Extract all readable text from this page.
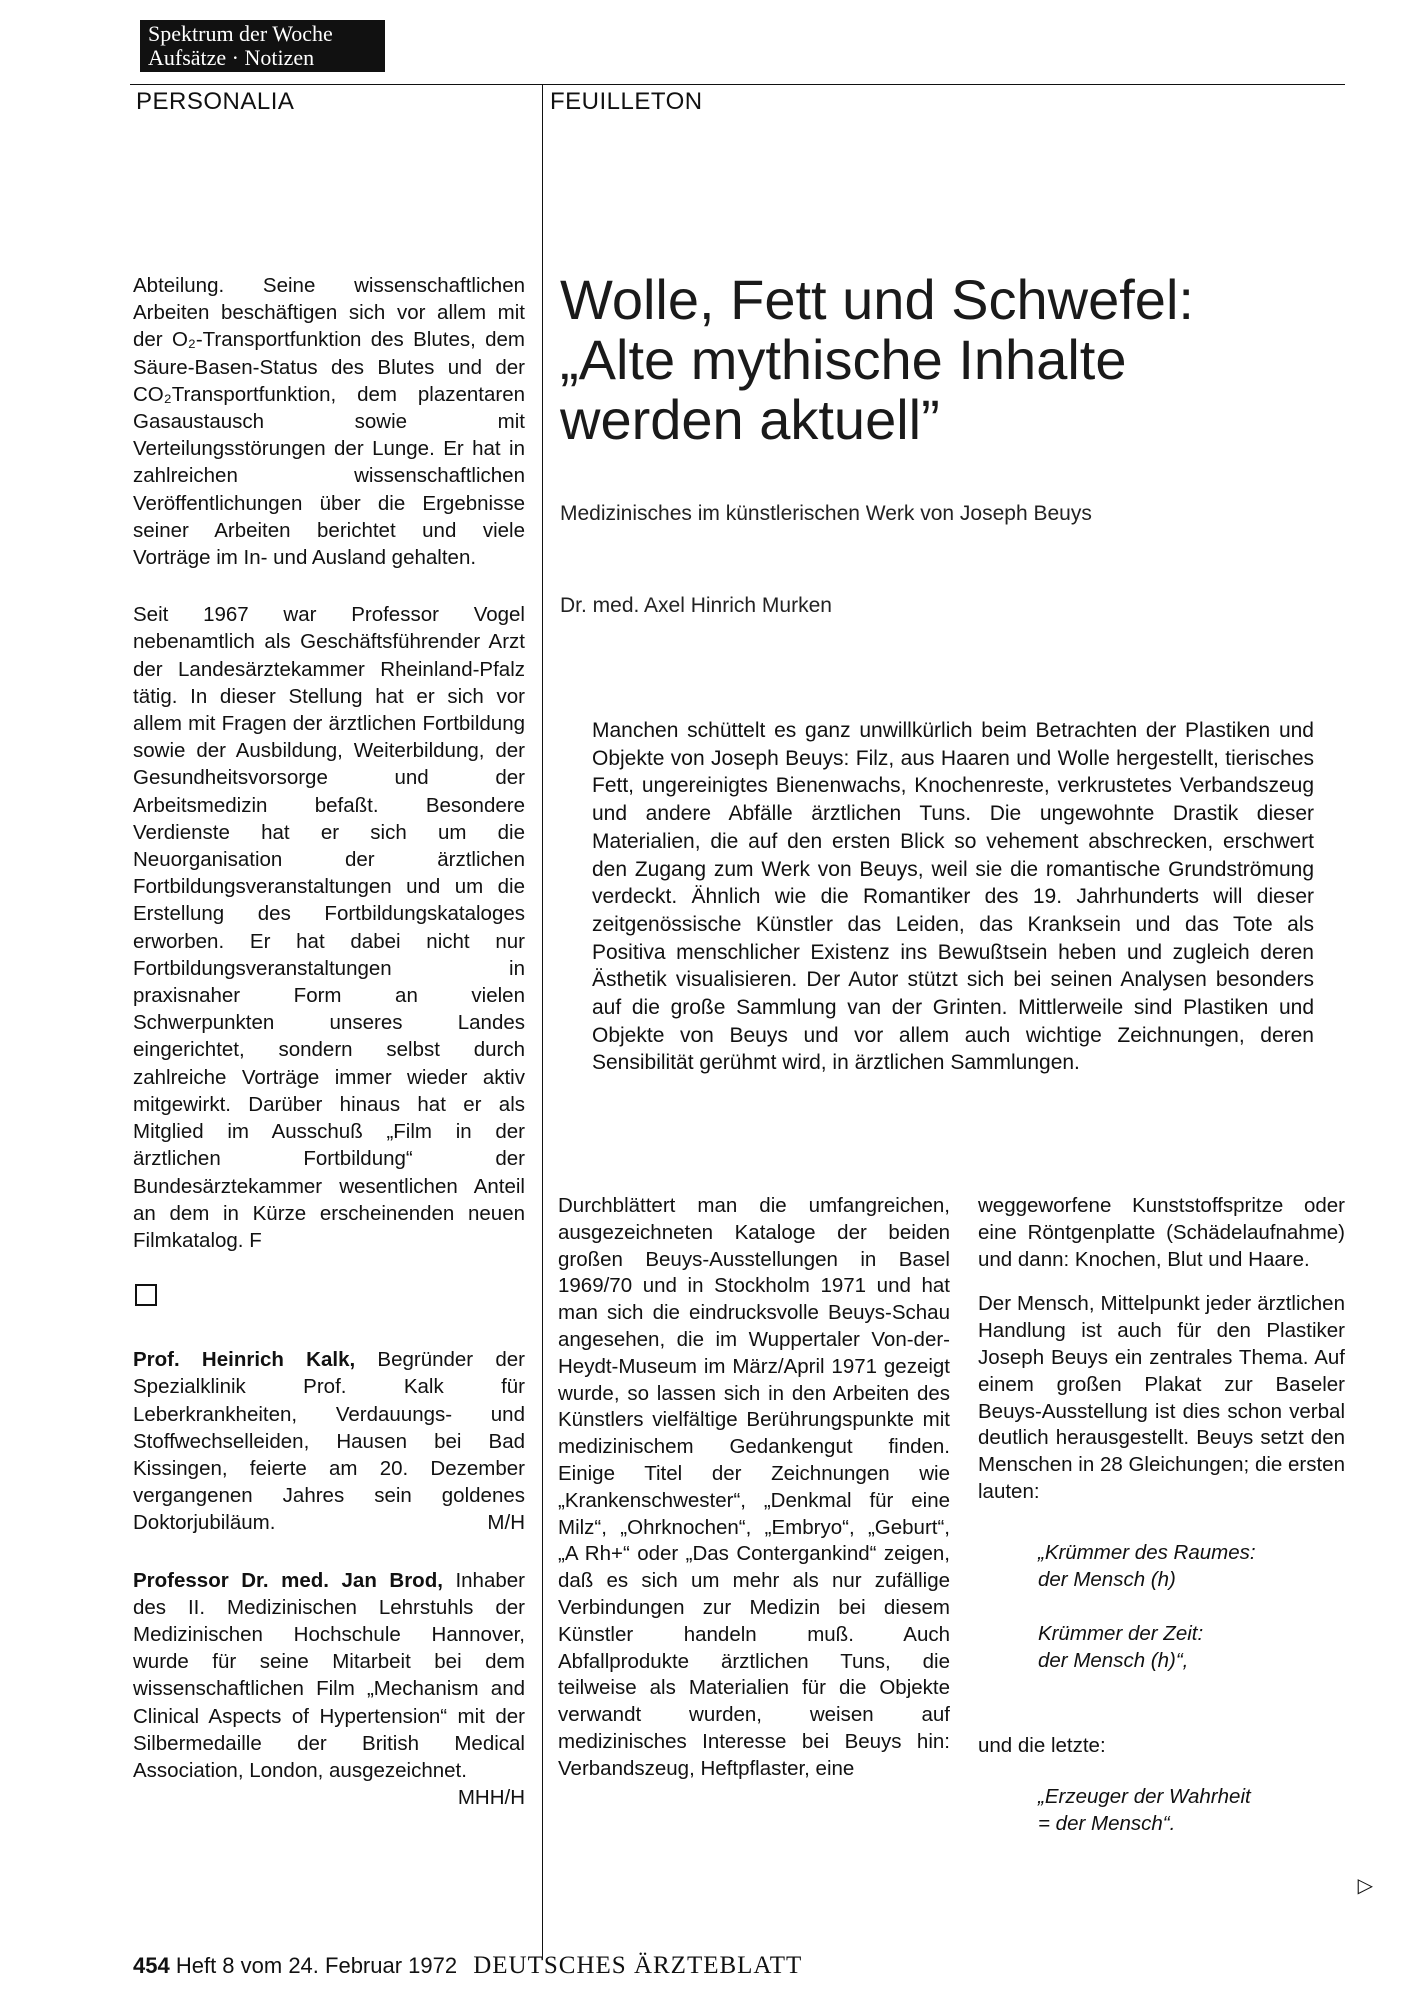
Spektrum der Woche
Aufsätze · Notizen
PERSONALIA	FEUILLETON

Abteilung. Seine wissenschaftlichen Arbeiten beschäftigen sich vor allem mit der O₂-Transportfunktion des Blutes, dem Säure-Basen-Status des Blutes und der CO₂Transportfunktion, dem plazentaren Gasaustausch sowie mit Verteilungsstörungen der Lunge. Er hat in zahlreichen wissenschaftlichen Veröffentlichungen über die Ergebnisse seiner Arbeiten berichtet und viele Vorträge im In- und Ausland gehalten.

Seit 1967 war Professor Vogel nebenamtlich als Geschäftsführender Arzt der Landesärztekammer Rheinland-Pfalz tätig. In dieser Stellung hat er sich vor allem mit Fragen der ärztlichen Fortbildung sowie der Ausbildung, Weiterbildung, der Gesundheitsvorsorge und der Arbeitsmedizin befaßt. Besondere Verdienste hat er sich um die Neuorganisation der ärztlichen Fortbildungsveranstaltungen und um die Erstellung des Fortbildungskataloges erworben. Er hat dabei nicht nur Fortbildungsveranstaltungen in praxisnaher Form an vielen Schwerpunkten unseres Landes eingerichtet, sondern selbst durch zahlreiche Vorträge immer wieder aktiv mitgewirkt. Darüber hinaus hat er als Mitglied im Ausschuß „Film in der ärztlichen Fortbildung“ der Bundesärztekammer wesentlichen Anteil an dem in Kürze erscheinenden neuen Filmkatalog. F

Prof. Heinrich Kalk, Begründer der Spezialklinik Prof. Kalk für Leberkrankheiten, Verdauungs- und Stoffwechselleiden, Hausen bei Bad Kissingen, feierte am 20. Dezember vergangenen Jahres sein goldenes Doktorjubiläum.	M/H

Professor Dr. med. Jan Brod, Inhaber des II. Medizinischen Lehrstuhls der Medizinischen Hochschule Hannover, wurde für seine Mitarbeit bei dem wissenschaftlichen Film „Mechanism and Clinical Aspects of Hypertension“ mit der Silbermedaille der British Medical Association, London, ausgezeichnet.
MHH/H

Wolle, Fett und Schwefel:
„Alte mythische Inhalte
werden aktuell”
Medizinisches im künstlerischen Werk von Joseph Beuys
Dr. med. Axel Hinrich Murken
Manchen schüttelt es ganz unwillkürlich beim Betrachten der Plastiken und Objekte von Joseph Beuys: Filz, aus Haaren und Wolle hergestellt, tierisches Fett, ungereinigtes Bienenwachs, Knochenreste, verkrustetes Verbandszeug und andere Abfälle ärztlichen Tuns. Die ungewohnte Drastik dieser Materialien, die auf den ersten Blick so vehement abschrecken, erschwert den Zugang zum Werk von Beuys, weil sie die romantische Grundströmung verdeckt. Ähnlich wie die Romantiker des 19. Jahrhunderts will dieser zeitgenössische Künstler das Leiden, das Kranksein und das Tote als Positiva menschlicher Existenz ins Bewußtsein heben und zugleich deren Ästhetik visualisieren. Der Autor stützt sich bei seinen Analysen besonders auf die große Sammlung van der Grinten. Mittlerweile sind Plastiken und Objekte von Beuys und vor allem auch wichtige Zeichnungen, deren Sensibilität gerühmt wird, in ärztlichen Sammlungen.

Durchblättert man die umfangreichen, ausgezeichneten Kataloge der beiden großen Beuys-Ausstellungen in Basel 1969/70 und in Stockholm 1971 und hat man sich die eindrucksvolle Beuys-Schau angesehen, die im Wuppertaler Von-der-Heydt-Museum im März/April 1971 gezeigt wurde, so lassen sich in den Arbeiten des Künstlers vielfältige Berührungspunkte mit medizinischem Gedankengut finden. Einige Titel der Zeichnungen wie „Krankenschwester“, „Denkmal für eine Milz“, „Ohrknochen“, „Embryo“, „Geburt“, „A Rh+“ oder „Das Contergankind“ zeigen, daß es sich um mehr als nur zufällige Verbindungen zur Medizin bei diesem Künstler handeln muß. Auch Abfallprodukte ärztlichen Tuns, die teilweise als Materialien für die Objekte verwandt wurden, weisen auf medizinisches Interesse bei Beuys hin: Verbandszeug, Heftpflaster, eine

weggeworfene Kunststoffspritze oder eine Röntgenplatte (Schädelaufnahme) und dann: Knochen, Blut und Haare.

Der Mensch, Mittelpunkt jeder ärztlichen Handlung ist auch für den Plastiker Joseph Beuys ein zentrales Thema. Auf einem großen Plakat zur Baseler Beuys-Ausstellung ist dies schon verbal deutlich herausgestellt. Beuys setzt den Menschen in 28 Gleichungen; die ersten lauten:

„Krümmer des Raumes:
der Mensch (h)

Krümmer der Zeit:
der Mensch (h)“,

und die letzte:

„Erzeuger der Wahrheit
= der Mensch“.

▷
454 Heft 8 vom 24. Februar 1972 DEUTSCHES ÄRZTEBLATT
